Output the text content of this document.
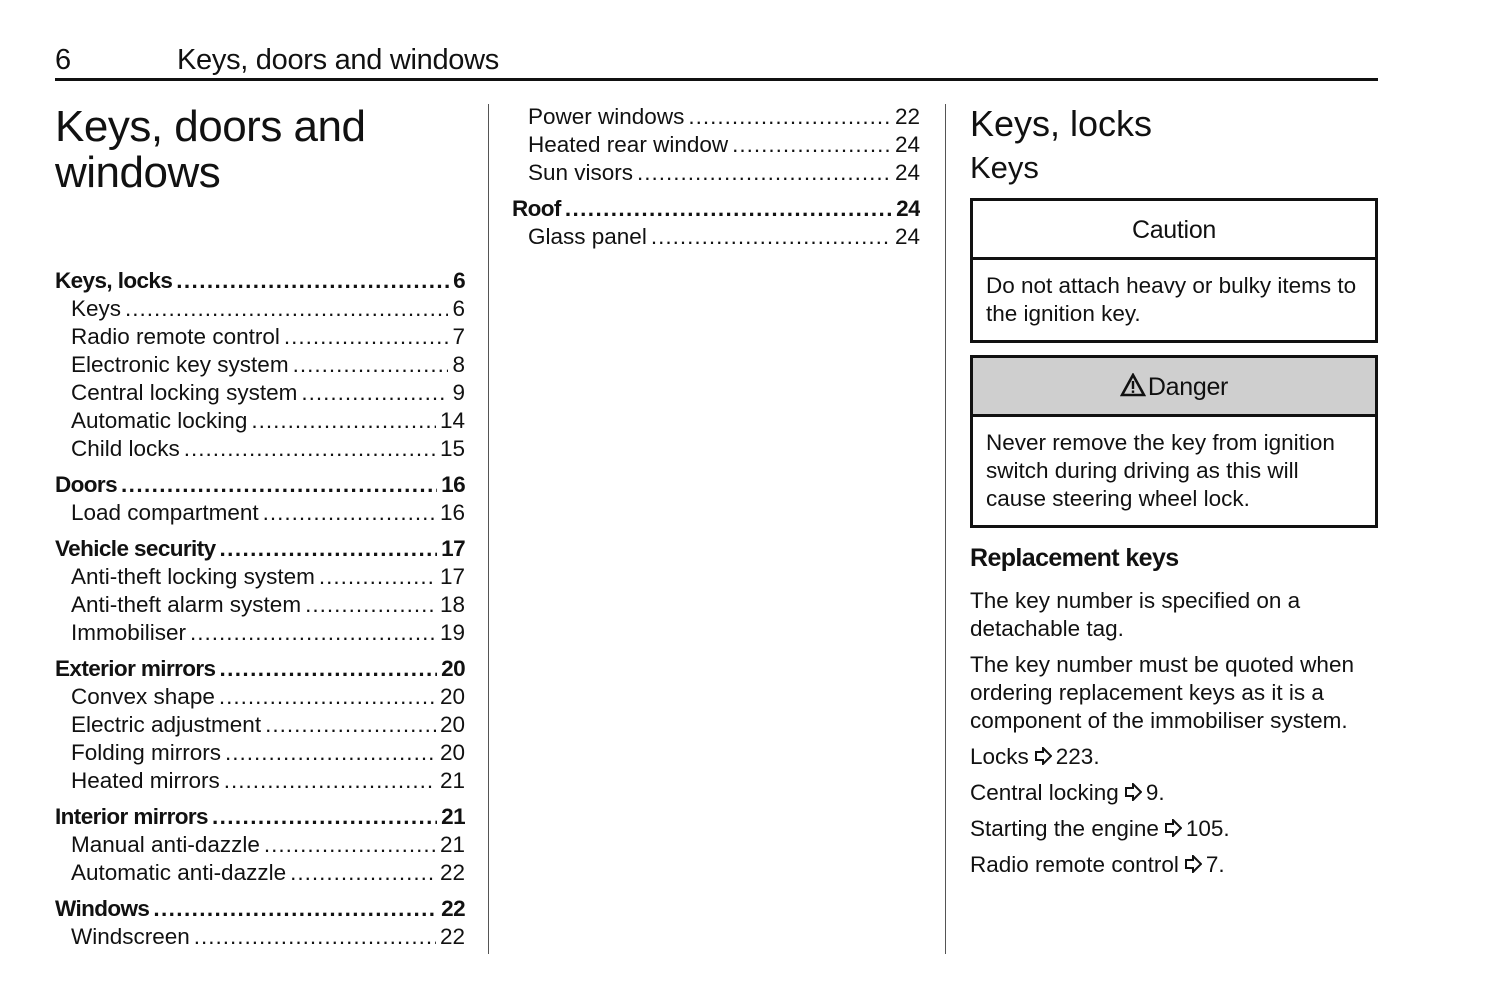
6	Keys, doors and windows
Keys, doors and
windows
Keys, locks .....	6
Keys .....	6
Radio remote control .....	7
Electronic key system .....	8
Central locking system .....	9
Automatic locking .....	14
Child locks .....	15
Doors .....	16
Load compartment .....	16
Vehicle security .....	17
Anti-theft locking system .....	17
Anti-theft alarm system .....	18
Immobiliser .....	19
Exterior mirrors .....	20
Convex shape .....	20
Electric adjustment .....	20
Folding mirrors .....	20
Heated mirrors .....	21
Interior mirrors .....	21
Manual anti-dazzle .....	21
Automatic anti-dazzle .....	22
Windows .....	22
Windscreen .....	22
Power windows .....	22
Heated rear window .....	24
Sun visors .....	24
Roof .....	24
Glass panel .....	24
Keys, locks
Keys
Caution
Do not attach heavy or bulky items to the ignition key.
Danger
Never remove the key from ignition switch during driving as this will cause steering wheel lock.
Replacement keys
The key number is specified on a detachable tag.
The key number must be quoted when ordering replacement keys as it is a component of the immobiliser system.
Locks 223.
Central locking 9.
Starting the engine 105.
Radio remote control 7.
